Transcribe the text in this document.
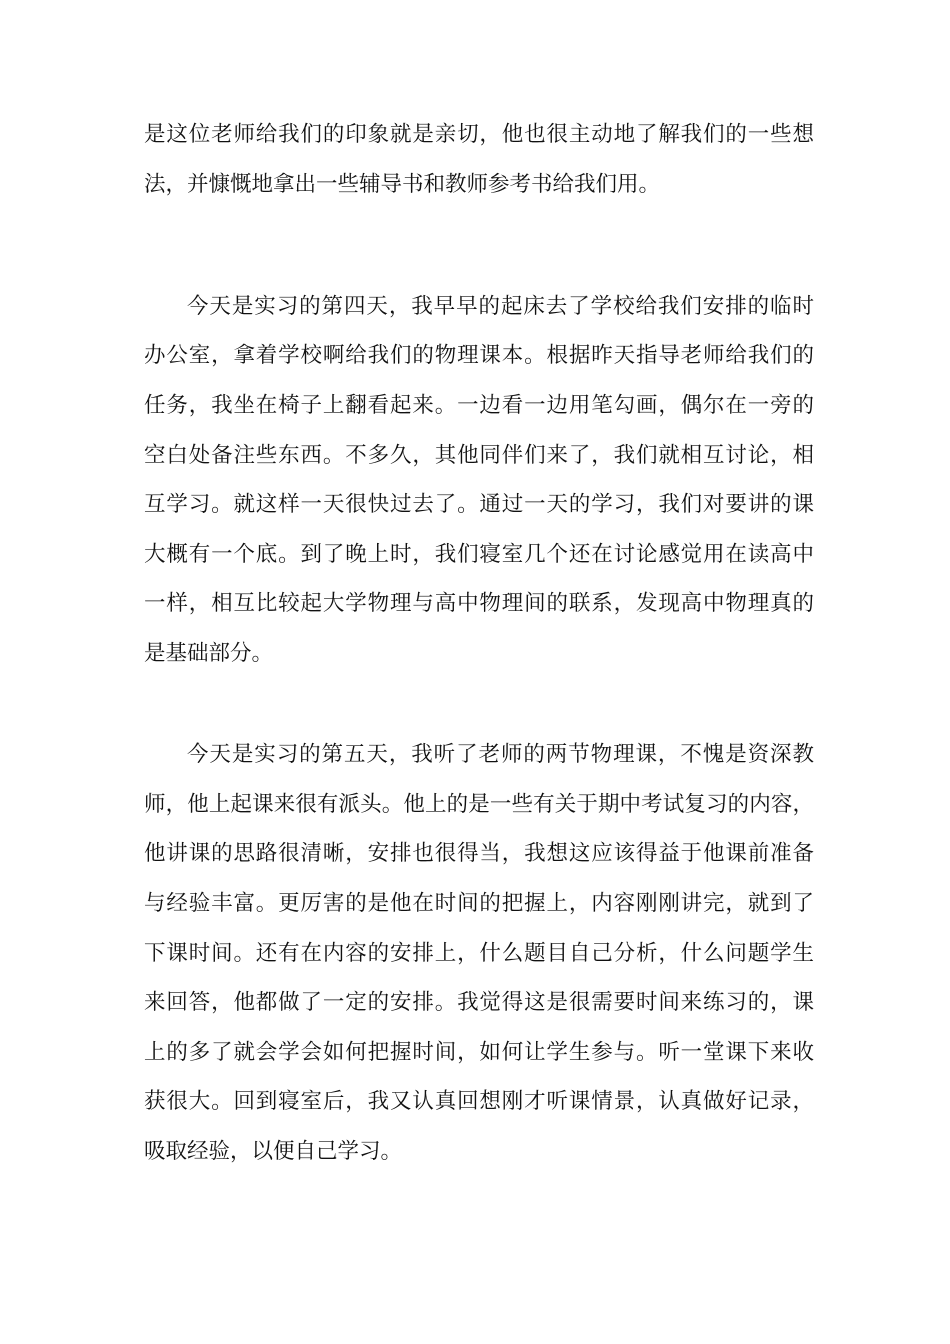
是这位老师给我们的印象就是亲切，他也很主动地了解我们的一些想
法，并慷慨地拿出一些辅导书和教师参考书给我们用。
今天是实习的第四天，我早早的起床去了学校给我们安排的临时
办公室，拿着学校啊给我们的物理课本。根据昨天指导老师给我们的
任务，我坐在椅子上翻看起来。一边看一边用笔勾画，偶尔在一旁的
空白处备注些东西。不多久，其他同伴们来了，我们就相互讨论，相
互学习。就这样一天很快过去了。通过一天的学习，我们对要讲的课
大概有一个底。到了晚上时，我们寝室几个还在讨论感觉用在读高中
一样，相互比较起大学物理与高中物理间的联系，发现高中物理真的
是基础部分。
今天是实习的第五天，我听了老师的两节物理课，不愧是资深教
师，他上起课来很有派头。他上的是一些有关于期中考试复习的内容，
他讲课的思路很清晰，安排也很得当，我想这应该得益于他课前准备
与经验丰富。更厉害的是他在时间的把握上，内容刚刚讲完，就到了
下课时间。还有在内容的安排上，什么题目自己分析，什么问题学生
来回答，他都做了一定的安排。我觉得这是很需要时间来练习的，课
上的多了就会学会如何把握时间，如何让学生参与。听一堂课下来收
获很大。回到寝室后，我又认真回想刚才听课情景，认真做好记录，
吸取经验，以便自己学习。
